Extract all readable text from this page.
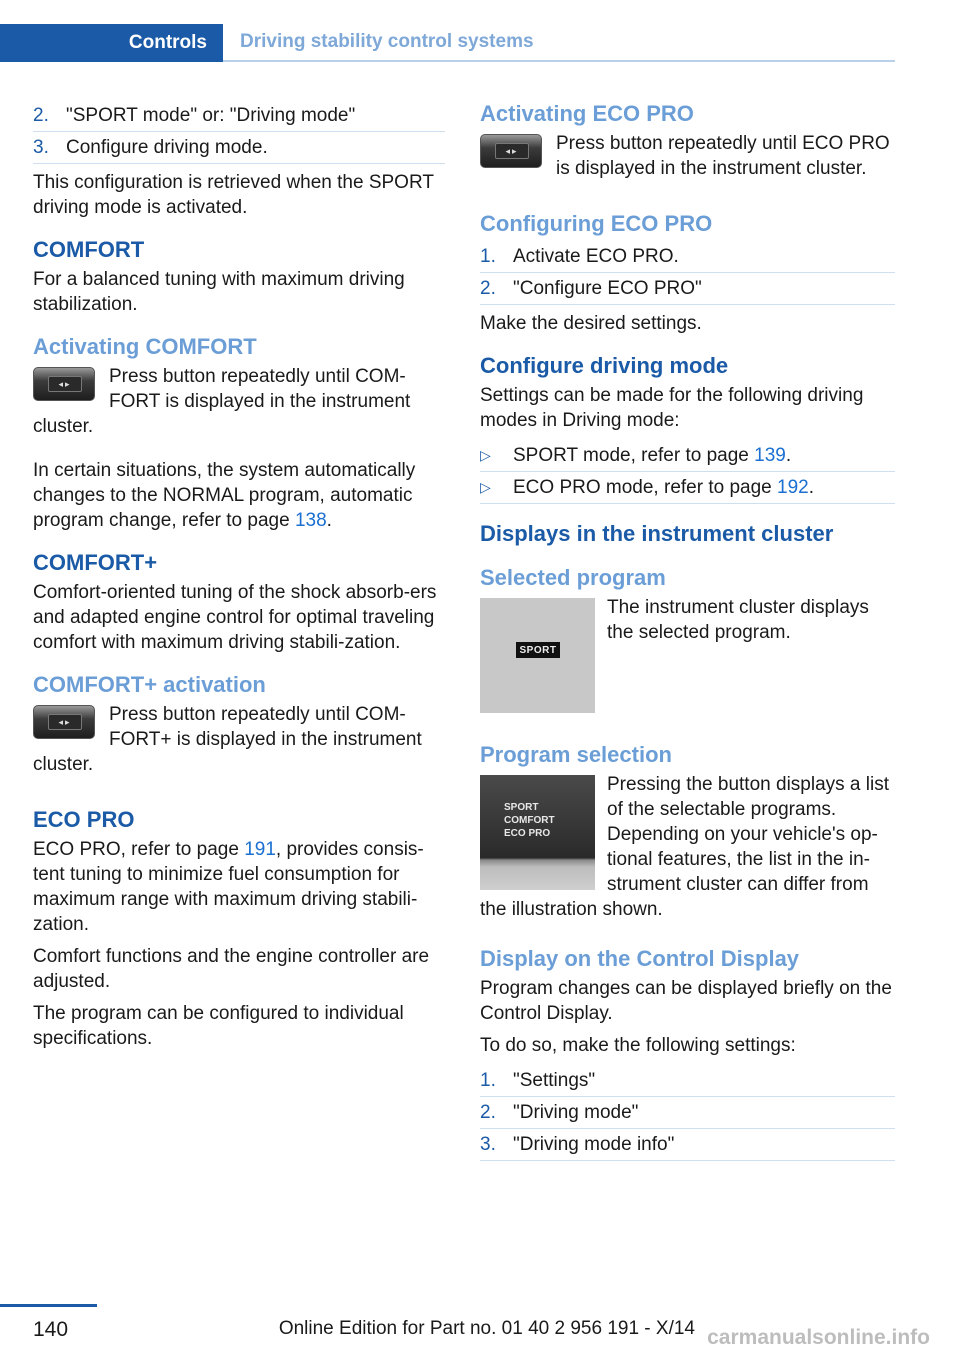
Controls	Driving stability control systems
2. "SPORT mode" or: "Driving mode"
3. Configure driving mode.

This configuration is retrieved when the SPORT driving mode is activated.

COMFORT

For a balanced tuning with maximum driving stabilization.

Activating COMFORT
◂▸	Press button repeatedly until COM‐FORT is displayed in the instrument cluster.

In certain situations, the system automatically changes to the NORMAL program, automatic program change, refer to page 138.

COMFORT+

Comfort-oriented tuning of the shock absorb‐ers and adapted engine control for optimal traveling comfort with maximum driving stabili‐zation.

COMFORT+ activation
◂▸	Press button repeatedly until COM‐FORT+ is displayed in the instrument cluster.

ECO PRO

ECO PRO, refer to page 191, provides consis‐tent tuning to minimize fuel consumption for maximum range with maximum driving stabili‐zation.

Comfort functions and the engine controller are adjusted.

The program can be configured to individual specifications.

Activating ECO PRO
◂▸	Press button repeatedly until ECO PRO is displayed in the instrument cluster.

Configuring ECO PRO
1. Activate ECO PRO.
2. "Configure ECO PRO"

Make the desired settings.

Configure driving mode

Settings can be made for the following driving modes in Driving mode:

▷	SPORT mode, refer to page 139.
▷	ECO PRO mode, refer to page 192.
Displays in the instrument cluster
Selected program
SPORT

The instrument cluster displays the selected program.

Program selection
SPORT
COMFORT
ECO PRO

Pressing the button displays a list of the selectable programs. Depending on your vehicle's op‐tional features, the list in the in‐strument cluster can differ from the illustration shown.

Display on the Control Display

Program changes can be displayed briefly on the Control Display.

To do so, make the following settings:

1. "Settings"
2. "Driving mode"
3. "Driving mode info"
140	Online Edition for Part no. 01 40 2 956 191 - X/14 carmanualsonline.info
